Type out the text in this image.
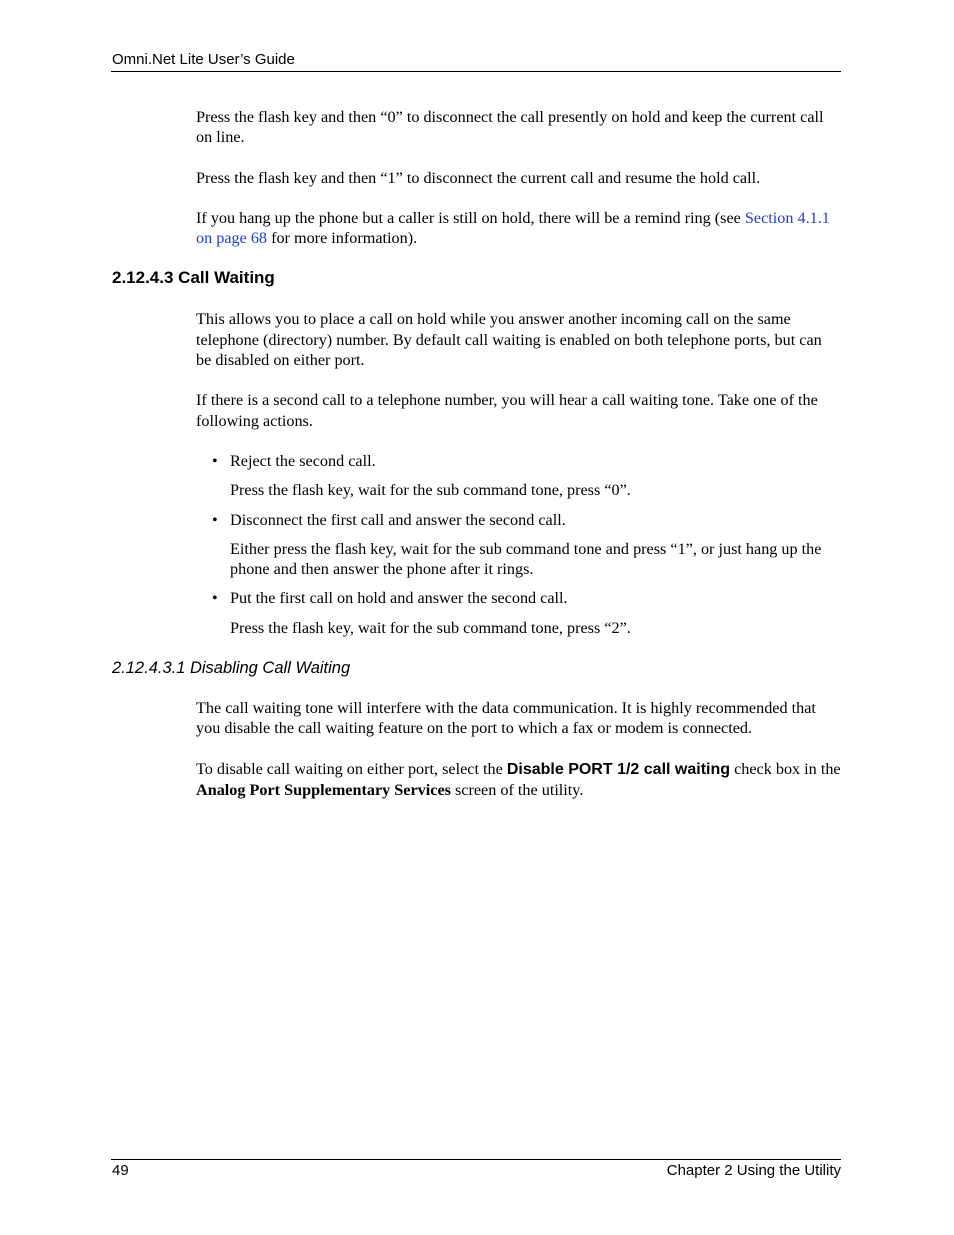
Omni.Net Lite User’s Guide

Press the flash key and then “0” to disconnect the call presently on hold and keep the current call on line.

Press the flash key and then “1” to disconnect the current call and resume the hold call.

If you hang up the phone but a caller is still on hold, there will be a remind ring (see Section 4.1.1 on page 68 for more information).

2.12.4.3 Call Waiting

This allows you to place a call on hold while you answer another incoming call on the same telephone (directory) number. By default call waiting is enabled on both telephone ports, but can be disabled on either port.

If there is a second call to a telephone number, you will hear a call waiting tone. Take one of the following actions.

• Reject the second call.
Press the flash key, wait for the sub command tone, press “0”.
• Disconnect the first call and answer the second call.
Either press the flash key, wait for the sub command tone and press “1”, or just hang up the phone and then answer the phone after it rings.
• Put the first call on hold and answer the second call.
Press the flash key, wait for the sub command tone, press “2”.
2.12.4.3.1 Disabling Call Waiting

The call waiting tone will interfere with the data communication. It is highly recommended that you disable the call waiting feature on the port to which a fax or modem is connected.

To disable call waiting on either port, select the Disable PORT 1/2 call waiting check box in the Analog Port Supplementary Services screen of the utility.

49	Chapter 2 Using the Utility
